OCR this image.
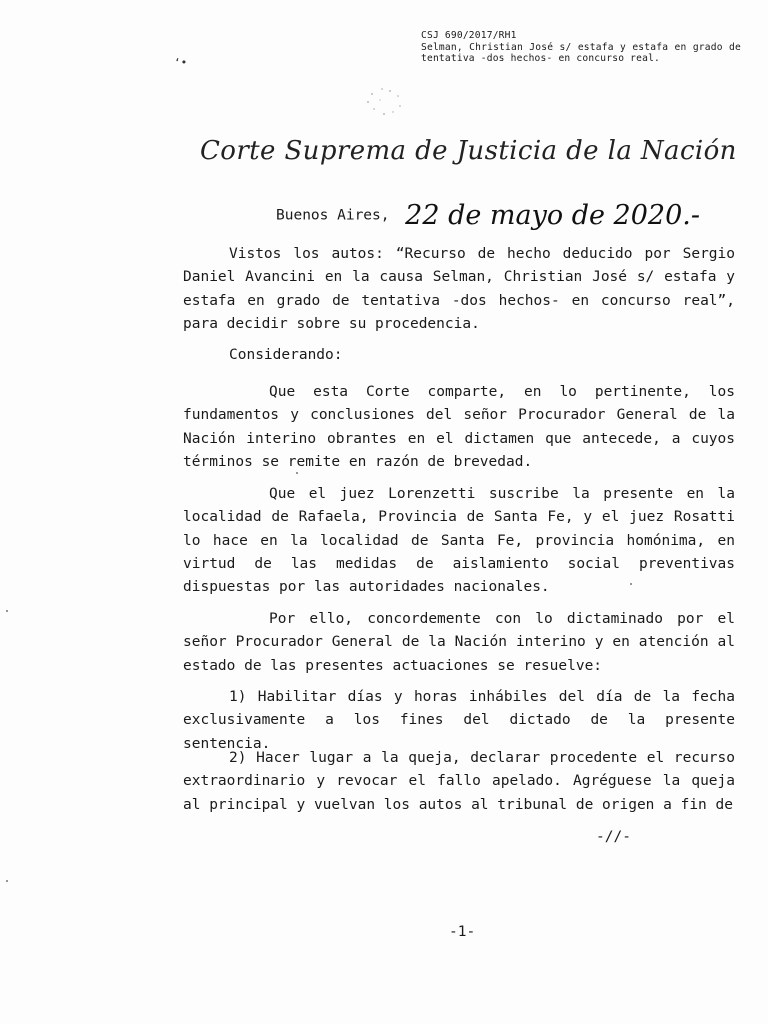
CSJ 690/2017/RH1
Selman, Christian José s/ estafa y estafa en grado de tentativa -dos hechos- en concurso real.
‘•
Corte Suprema de Justicia de la Nación
Buenos Aires, 22 de mayo de 2020.-
Vistos los autos: “Recurso de hecho deducido por Sergio Daniel Avancini en la causa Selman, Christian José s/ estafa y estafa en grado de tentativa -dos hechos- en concurso real”, para decidir sobre su procedencia.
Considerando:
Que esta Corte comparte, en lo pertinente, los fundamentos y conclusiones del señor Procurador General de la Nación interino obrantes en el dictamen que antecede, a cuyos términos se remite en razón de brevedad.
Que el juez Lorenzetti suscribe la presente en la localidad de Rafaela, Provincia de Santa Fe, y el juez Rosatti lo hace en la localidad de Santa Fe, provincia homónima, en virtud de las medidas de aislamiento social preventivas dispuestas por las autoridades nacionales.
Por ello, concordemente con lo dictaminado por el señor Procurador General de la Nación interino y en atención al estado de las presentes actuaciones se resuelve:
1) Habilitar días y horas inhábiles del día de la fecha exclusivamente a los fines del dictado de la presente sentencia.
2) Hacer lugar a la queja, declarar procedente el recurso extraordinario y revocar el fallo apelado. Agréguese la queja al principal y vuelvan los autos al tribunal de origen a fin de
-//-
-1-
